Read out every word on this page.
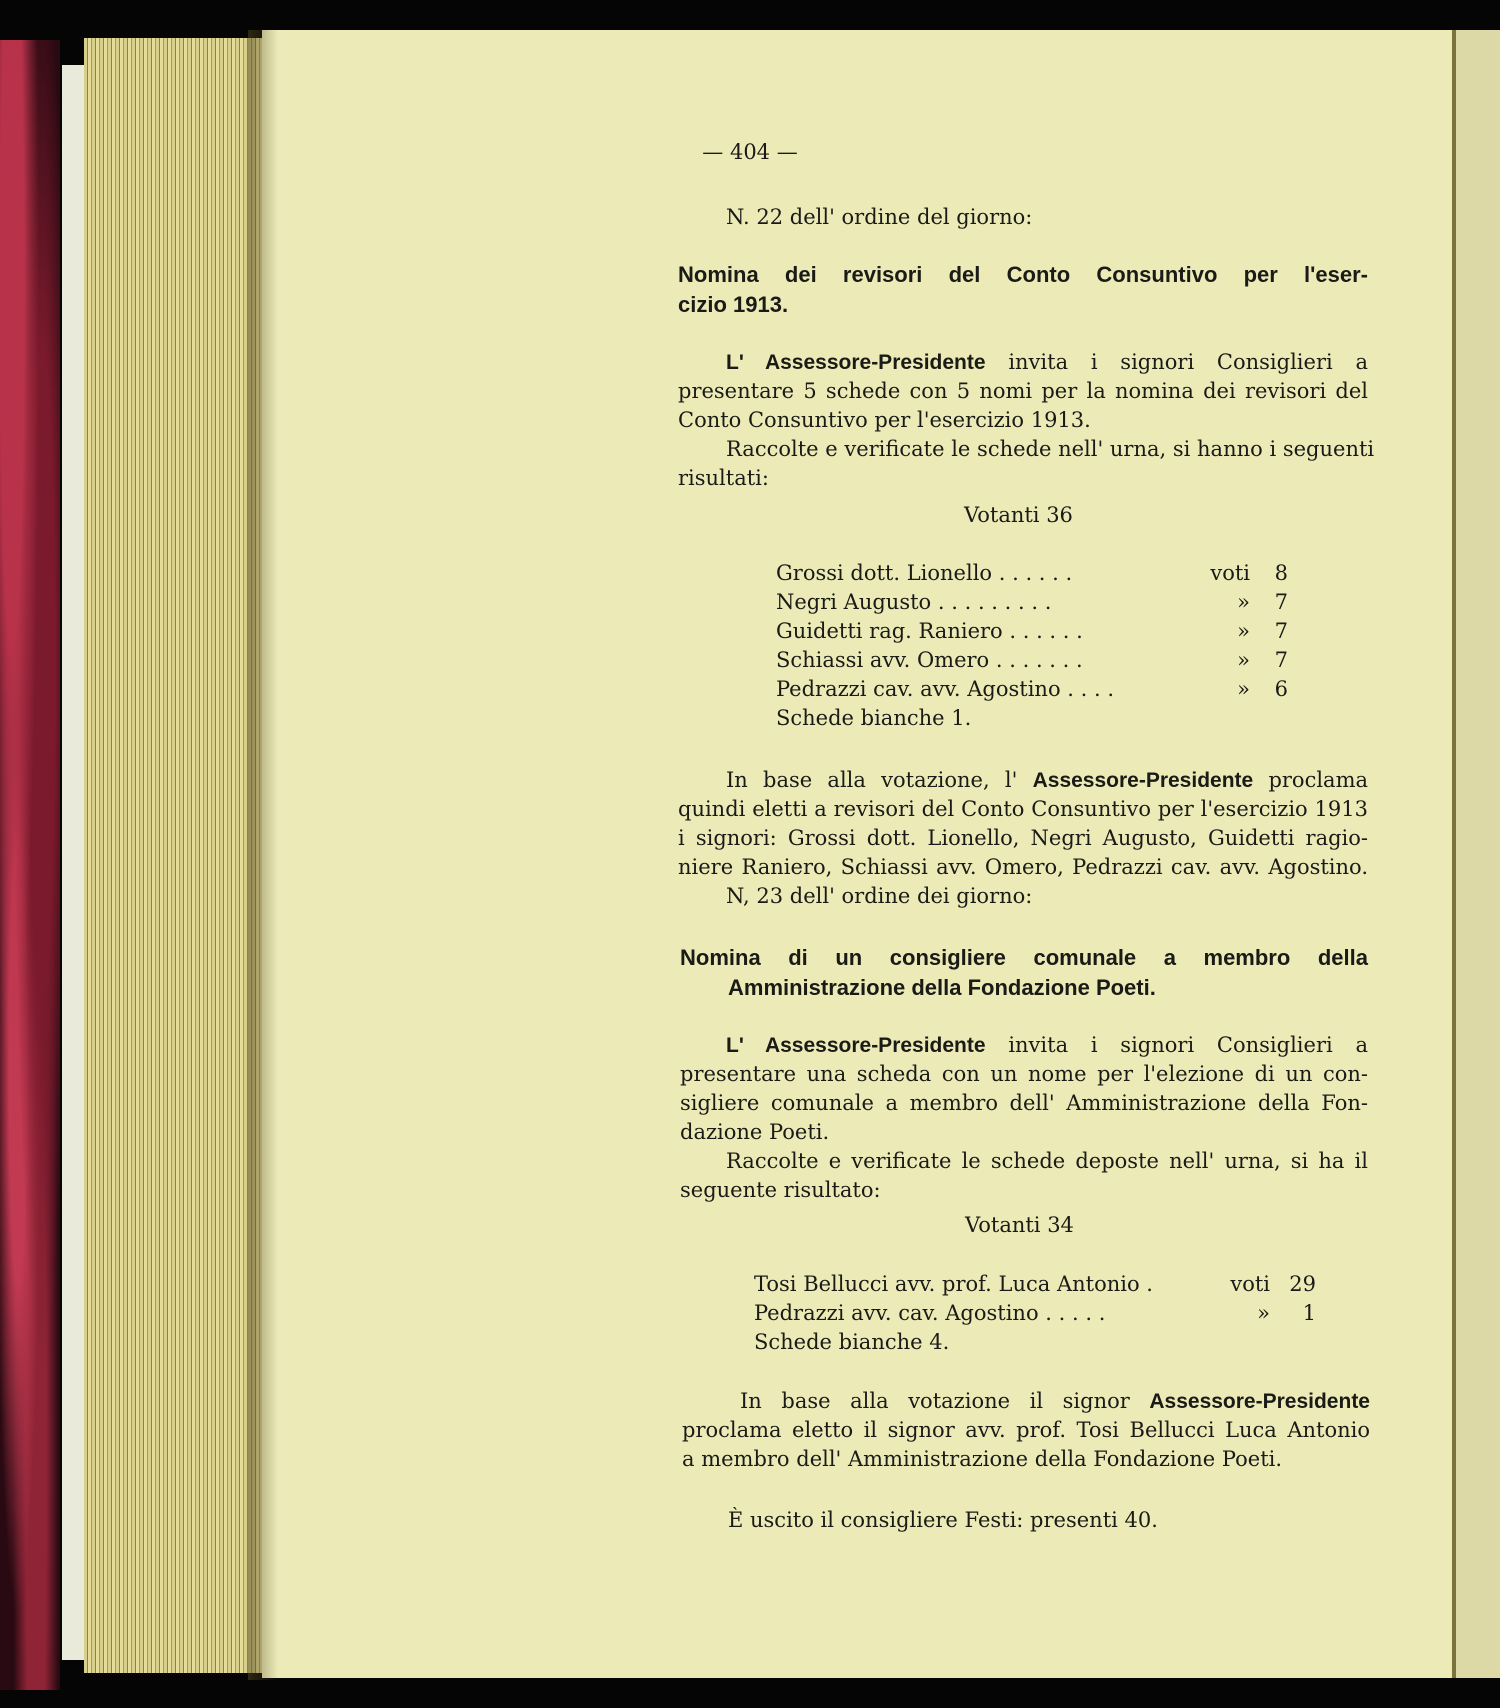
— 404 —
N. 22 dell' ordine del giorno:
Nomina dei revisori del Conto Consuntivo per l'eser-
cizio 1913.
L' Assessore-Presidente invita i signori Consiglieri a
presentare 5 schede con 5 nomi per la nomina dei revisori del
Conto Consuntivo per l'esercizio 1913.
Raccolte e verificate le schede nell' urna, si hanno i seguenti
risultati:
Votanti 36
Grossi dott. Lionello . . . . . .	voti	8
Negri Augusto . . . . . . . . .	»	7
Guidetti rag. Raniero . . . . . .	»	7
Schiassi avv. Omero . . . . . . .	»	7
Pedrazzi cav. avv. Agostino . . . .	»	6
Schede bianche 1.
In base alla votazione, l' Assessore-Presidente proclama
quindi eletti a revisori del Conto Consuntivo per l'esercizio 1913
i signori: Grossi dott. Lionello, Negri Augusto, Guidetti ragio-
niere Raniero, Schiassi avv. Omero, Pedrazzi cav. avv. Agostino.
N, 23 dell' ordine dei giorno:
Nomina di un consigliere comunale a membro della
Amministrazione della Fondazione Poeti.
L' Assessore-Presidente invita i signori Consiglieri a
presentare una scheda con un nome per l'elezione di un con-
sigliere comunale a membro dell' Amministrazione della Fon-
dazione Poeti.
Raccolte e verificate le schede deposte nell' urna, si ha il
seguente risultato:
Votanti 34
Tosi Bellucci avv. prof. Luca Antonio .	voti 29
Pedrazzi avv. cav. Agostino . . . . .	»	1
Schede bianche 4.
In base alla votazione il signor Assessore-Presidente
proclama eletto il signor avv. prof. Tosi Bellucci Luca Antonio
a membro dell' Amministrazione della Fondazione Poeti.
È uscito il consigliere Festi: presenti 40.
